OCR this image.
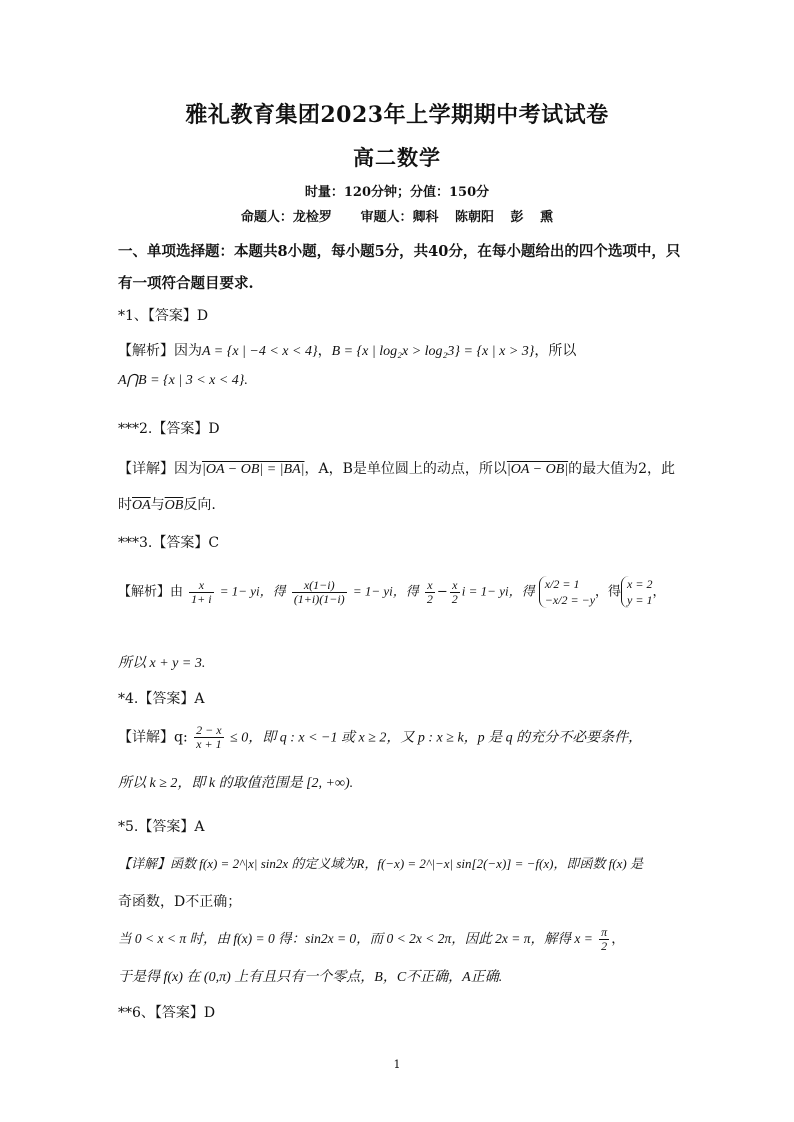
雅礼教育集团2023年上学期期中考试试卷
高二数学
时量：120分钟；分值：150分
命题人：龙检罗 审题人：卿科 陈朝阳 彭 熏
一、单项选择题：本题共8小题，每小题5分，共40分，在每小题给出的四个选项中，只
有一项符合题目要求.
*1、【答案】D
【解析】因为A = {x | −4 < x < 4}，B = {x | log₂x > log₂3} = {x | x > 3}，所以
A⋂B = {x | 3 < x < 4}.
***2.【答案】D
【详解】因为|OA − OB| = |BA|，A，B是单位圆上的动点，所以|OA − OB|的最大值为2，此
时$\overline{OA}$与$\overline{OB}$反向.
***3.【答案】C
【解析】由 $\frac{x}{1+ i} = 1-$ yi，得 $\frac{x(1-i)}{(1+i)(1-i)} = 1-$ yi，得 $\frac{x}{2} - \frac{x}{2}$ i = 1− yi，得 x/2 = 1
−x/2 = −y
，得
x = 2
y = 1
，
所以 x + y = 3.
*4.【答案】A
【详解】q: $\frac{2 - x}{x + 1} \le 0$，即 q : x < −1 或 x ≥ 2，又 p : x ≥ k，p 是 q 的充分不必要条件，
所以 k ≥ 2，即 k 的取值范围是 [2, +∞).
*5.【答案】A
【详解】函数 f(x) = 2^|x| sin2x 的定义域为R，f(−x) = 2^|−x| sin[2(−x)] = −f(x)，即函数 f(x) 是
奇函数，D不正确；
当 0 < x < π 时，由 f(x) = 0 得：sin2x = 0，而 0 < 2x < 2π，因此 2x = π，解得 $x = \frac{\pi}{2}$ ，
于是得 f(x) 在 (0,π) 上有且只有一个零点，B，C不正确，A正确.
**6、【答案】D
1
